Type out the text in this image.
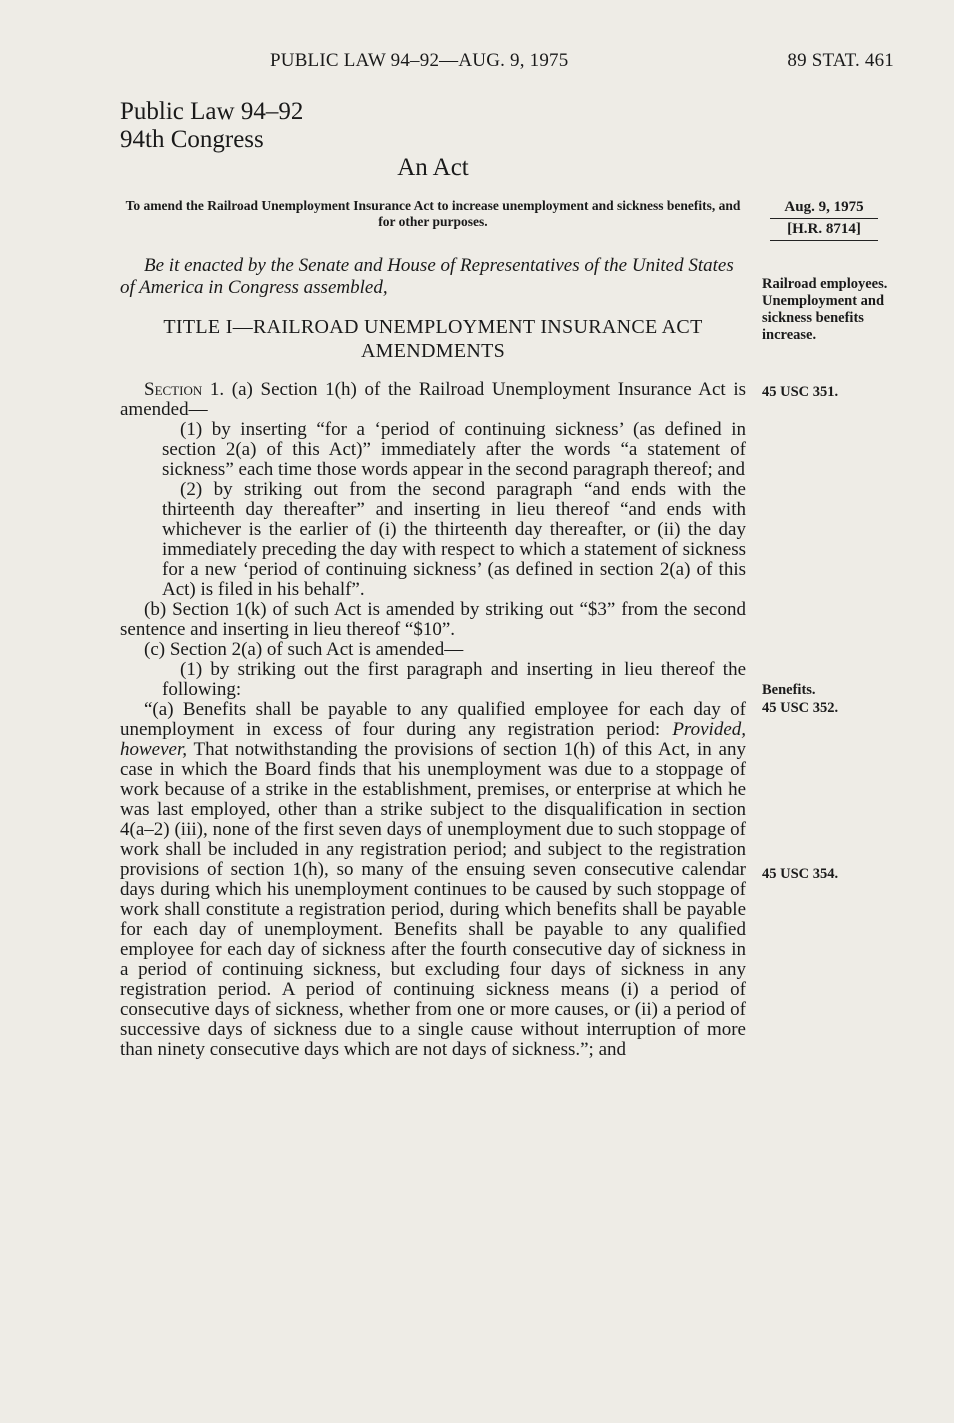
PUBLIC LAW 94–92—AUG. 9, 1975	89 STAT. 461
Public Law 94–92
94th Congress
An Act
To amend the Railroad Unemployment Insurance Act to increase unemployment and sickness benefits, and for other purposes.
Aug. 9, 1975
[H.R. 8714]
Be it enacted by the Senate and House of Representatives of the United States of America in Congress assembled,
TITLE I—RAILROAD UNEMPLOYMENT INSURANCE ACT AMENDMENTS
Railroad employees. Unemployment and sickness benefits increase.
45 USC 351.
Benefits.
45 USC 352.
45 USC 354.

Section 1. (a) Section 1(h) of the Railroad Unemployment Insurance Act is amended—

(1) by inserting “for a ‘period of continuing sickness’ (as defined in section 2(a) of this Act)” immediately after the words “a statement of sickness” each time those words appear in the second paragraph thereof; and

(2) by striking out from the second paragraph “and ends with the thirteenth day thereafter” and inserting in lieu thereof “and ends with whichever is the earlier of (i) the thirteenth day thereafter, or (ii) the day immediately preceding the day with respect to which a statement of sickness for a new ‘period of continuing sickness’ (as defined in section 2(a) of this Act) is filed in his behalf”.

(b) Section 1(k) of such Act is amended by striking out “$3” from the second sentence and inserting in lieu thereof “$10”.

(c) Section 2(a) of such Act is amended—

(1) by striking out the first paragraph and inserting in lieu thereof the following:

“(a) Benefits shall be payable to any qualified employee for each day of unemployment in excess of four during any registration period: Provided, however, That notwithstanding the provisions of section 1(h) of this Act, in any case in which the Board finds that his unemployment was due to a stoppage of work because of a strike in the establishment, premises, or enterprise at which he was last employed, other than a strike subject to the disqualification in section 4(a–2) (iii), none of the first seven days of unemployment due to such stoppage of work shall be included in any registration period; and subject to the registration provisions of section 1(h), so many of the ensuing seven consecutive calendar days during which his unemployment continues to be caused by such stoppage of work shall constitute a registration period, during which benefits shall be payable for each day of unemployment. Benefits shall be payable to any qualified employee for each day of sickness after the fourth consecutive day of sickness in a period of continuing sickness, but excluding four days of sickness in any registration period. A period of continuing sickness means (i) a period of consecutive days of sickness, whether from one or more causes, or (ii) a period of successive days of sickness due to a single cause without interruption of more than ninety consecutive days which are not days of sickness.”; and
